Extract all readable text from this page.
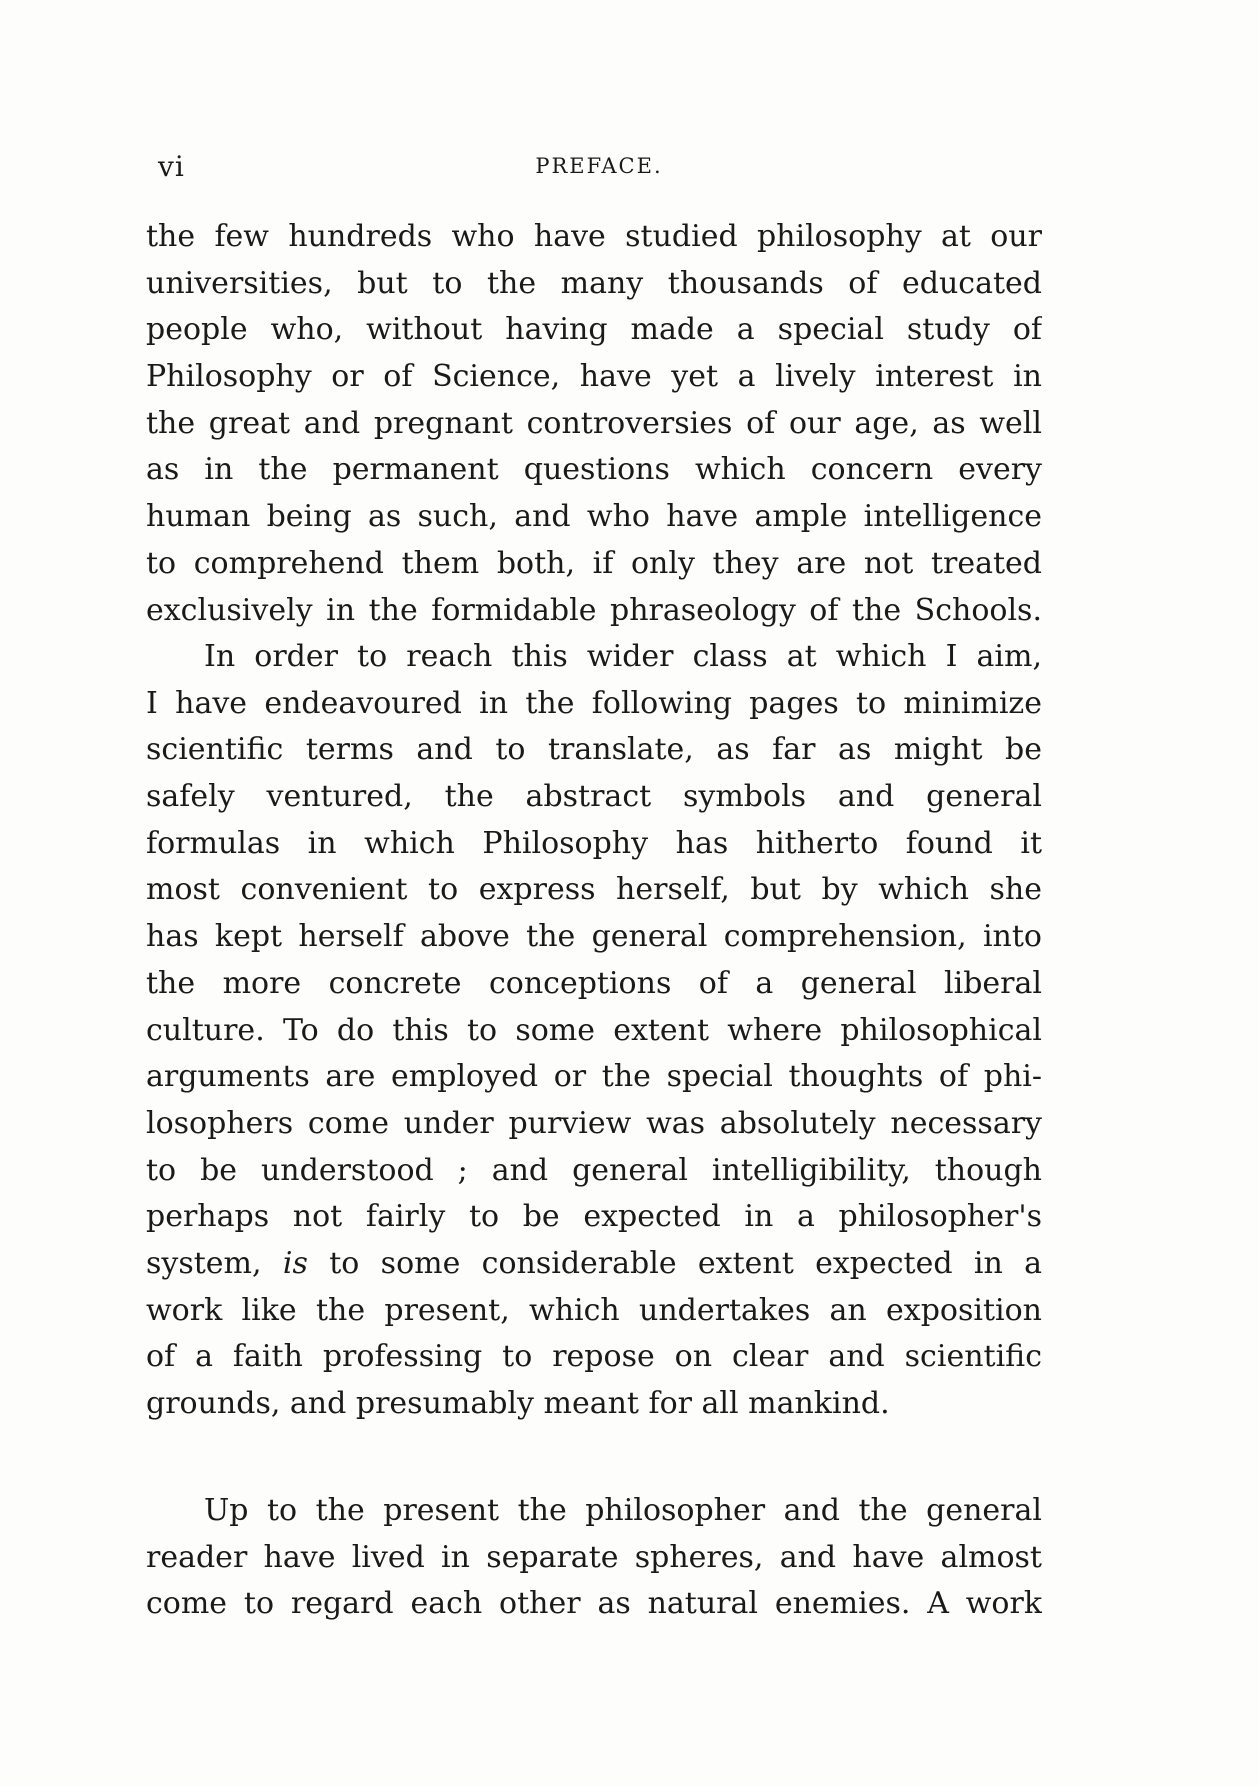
vi	PREFACE.
the few hundreds who have studied philosophy at our
universities, but to the many thousands of educated
people who, without having made a special study of
Philosophy or of Science, have yet a lively interest in
the great and pregnant controversies of our age, as well
as in the permanent questions which concern every
human being as such, and who have ample intelligence
to comprehend them both, if only they are not treated
exclusively in the formidable phraseology of the Schools.
In order to reach this wider class at which I aim,
I have endeavoured in the following pages to minimize
scientific terms and to translate, as far as might be
safely ventured, the abstract symbols and general
formulas in which Philosophy has hitherto found it
most convenient to express herself, but by which she
has kept herself above the general comprehension, into
the more concrete conceptions of a general liberal
culture. To do this to some extent where philosophical
arguments are employed or the special thoughts of phi-
losophers come under purview was absolutely necessary
to be understood ; and general intelligibility, though
perhaps not fairly to be expected in a philosopher's
system, is to some considerable extent expected in a
work like the present, which undertakes an exposition
of a faith professing to repose on clear and scientific
grounds, and presumably meant for all mankind.
Up to the present the philosopher and the general
reader have lived in separate spheres, and have almost
come to regard each other as natural enemies. A work
